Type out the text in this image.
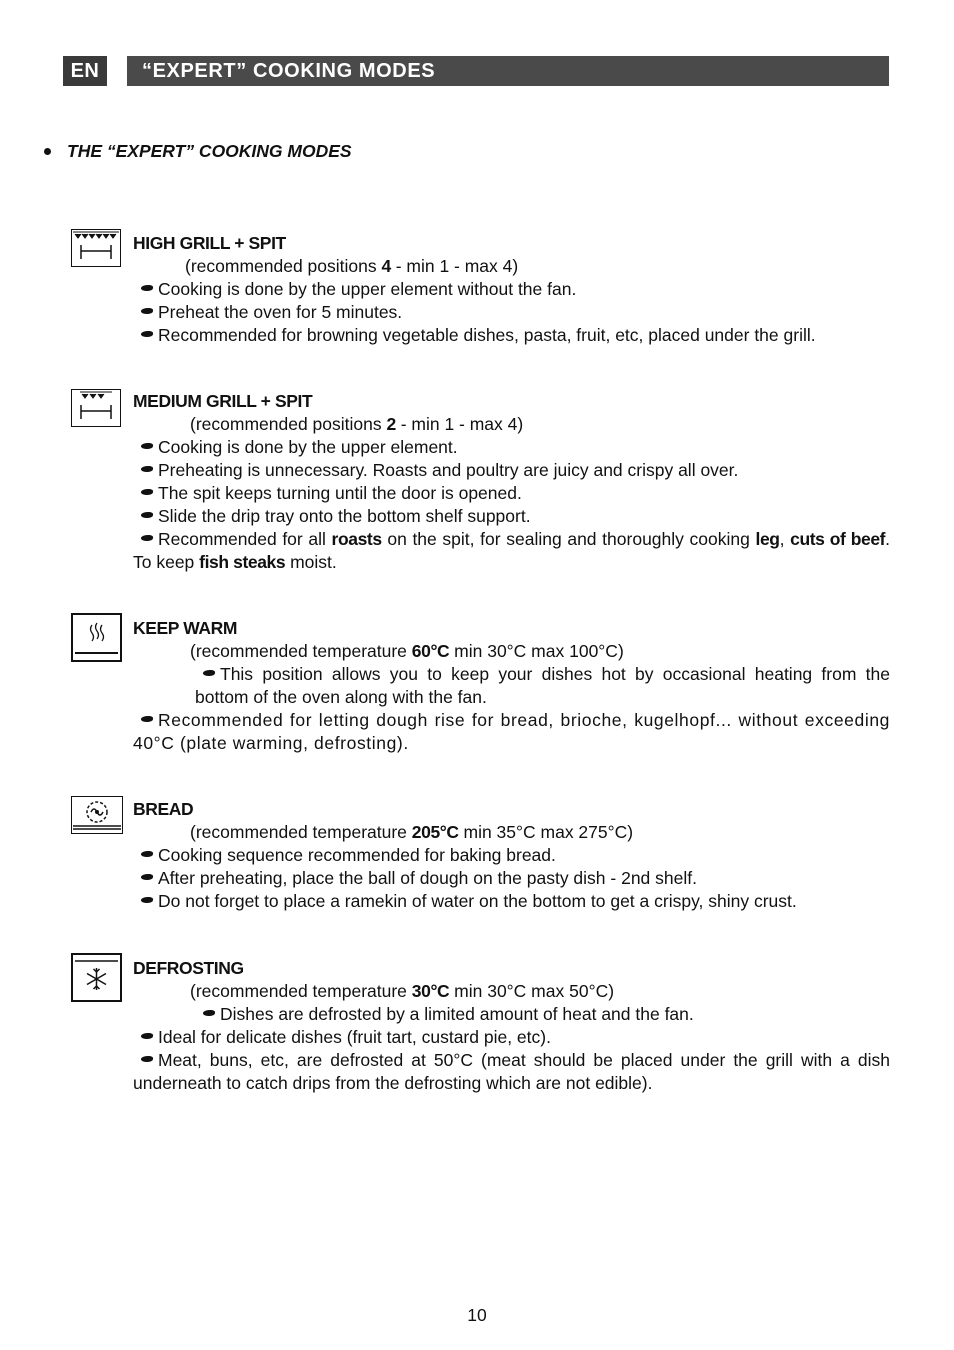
EN	“EXPERT” COOKING MODES
THE “EXPERT” COOKING MODES
HIGH GRILL + SPIT
(recommended positions 4 - min 1 - max 4)
Cooking is done by the upper element without the fan.
Preheat the oven for 5 minutes.
Recommended for browning vegetable dishes, pasta, fruit, etc, placed under the grill.
MEDIUM GRILL + SPIT
(recommended positions 2 - min 1 - max 4)
Cooking is done by the upper element.
Preheating is unnecessary. Roasts and poultry are juicy and crispy all over.
The spit keeps turning until the door is opened.
Slide the drip tray onto the bottom shelf support.
Recommended for all roasts on the spit, for sealing and thoroughly cooking leg, cuts of beef. To keep fish steaks moist.
KEEP WARM
(recommended temperature 60°C min 30°C max 100°C)
This position allows you to keep your dishes hot by occasional heating from the bottom of the oven along with the fan.
Recommended for letting dough rise for bread, brioche, kugelhopf... without exceeding 40°C (plate warming, defrosting).
BREAD
(recommended temperature 205°C min 35°C max 275°C)
Cooking sequence recommended for baking bread.
After preheating, place the ball of dough on the pasty dish - 2nd shelf.
Do not forget to place a ramekin of water on the bottom to get a crispy, shiny crust.
DEFROSTING
(recommended temperature 30°C min 30°C max 50°C)
Dishes are defrosted by a limited amount of heat and the fan.
Ideal for delicate dishes (fruit tart, custard pie, etc).
Meat, buns, etc, are defrosted at 50°C (meat should be placed under the grill with a dish underneath to catch drips from the defrosting which are not edible).
10
